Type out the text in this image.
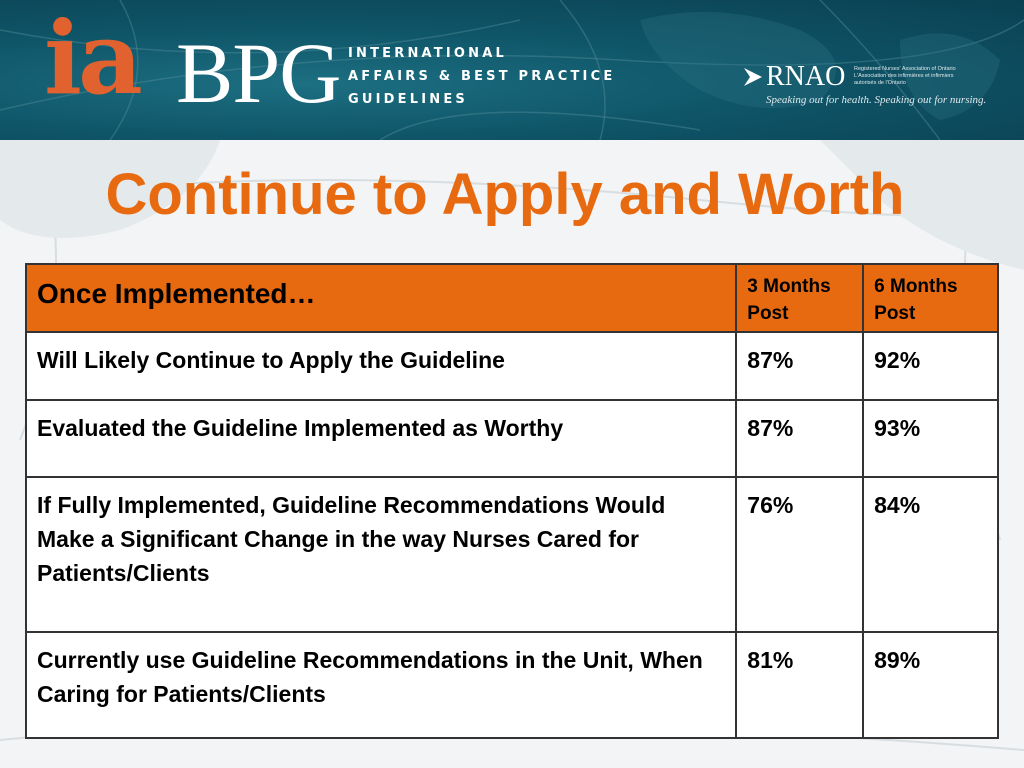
ia BPG INTERNATIONAL
AFFAIRS & BEST PRACTICE
GUIDELINES
RNAO Registered Nurses' Association of Ontario
L'Association des infirmières et infirmiers
autorisés de l'Ontario
Speaking out for health. Speaking out for nursing.
Continue to Apply and Worth
Once Implemented…	3 Months Post	6 Months Post
Will Likely Continue to Apply the Guideline	87%	92%
Evaluated the Guideline Implemented as Worthy	87%	93%
If Fully Implemented, Guideline Recommendations Would Make a Significant Change in the way Nurses Cared for Patients/Clients	76%	84%
Currently use Guideline Recommendations in the Unit, When Caring for Patients/Clients	81%	89%
